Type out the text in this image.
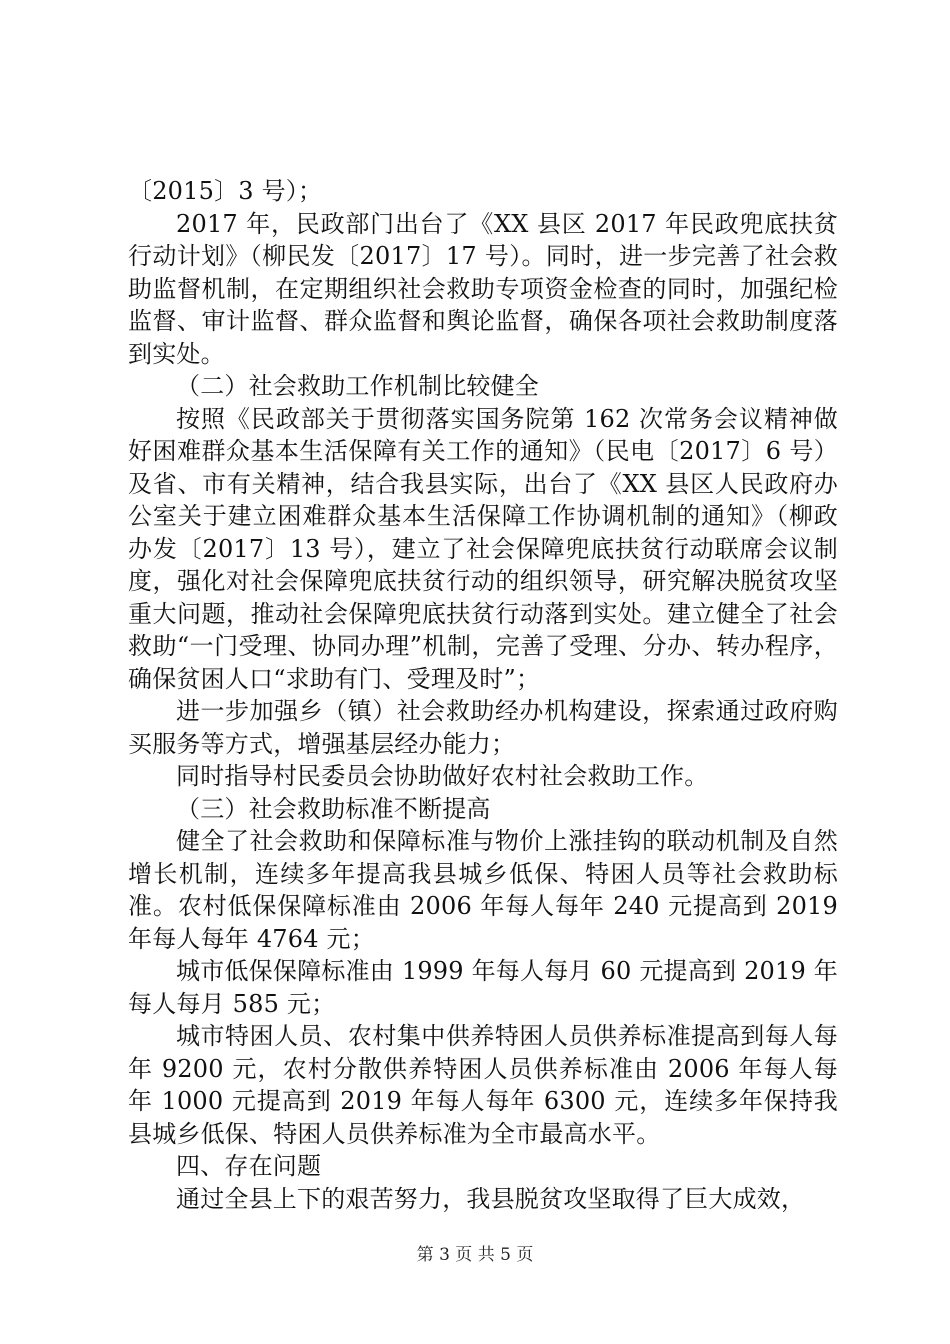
〔2015〕3 号）；

2017 年，民政部门出台了《XX 县区 2017 年民政兜底扶贫行动计划》（柳民发〔2017〕17 号）。同时，进一步完善了社会救助监督机制，在定期组织社会救助专项资金检查的同时，加强纪检监督、审计监督、群众监督和舆论监督，确保各项社会救助制度落到实处。

（二）社会救助工作机制比较健全

按照《民政部关于贯彻落实国务院第 162 次常务会议精神做好困难群众基本生活保障有关工作的通知》（民电〔2017〕6 号）及省、市有关精神，结合我县实际，出台了《XX 县区人民政府办公室关于建立困难群众基本生活保障工作协调机制的通知》（柳政办发〔2017〕13 号），建立了社会保障兜底扶贫行动联席会议制度，强化对社会保障兜底扶贫行动的组织领导，研究解决脱贫攻坚重大问题，推动社会保障兜底扶贫行动落到实处。建立健全了社会救助“一门受理、协同办理”机制，完善了受理、分办、转办程序，确保贫困人口“求助有门、受理及时”；

进一步加强乡（镇）社会救助经办机构建设，探索通过政府购买服务等方式，增强基层经办能力；

同时指导村民委员会协助做好农村社会救助工作。

（三）社会救助标准不断提高

健全了社会救助和保障标准与物价上涨挂钩的联动机制及自然增长机制，连续多年提高我县城乡低保、特困人员等社会救助标准。农村低保保障标准由 2006 年每人每年 240 元提高到 2019 年每人每年 4764 元；

城市低保保障标准由 1999 年每人每月 60 元提高到 2019 年每人每月 585 元；

城市特困人员、农村集中供养特困人员供养标准提高到每人每年 9200 元，农村分散供养特困人员供养标准由 2006 年每人每年 1000 元提高到 2019 年每人每年 6300 元，连续多年保持我县城乡低保、特困人员供养标准为全市最高水平。

四、存在问题

通过全县上下的艰苦努力，我县脱贫攻坚取得了巨大成效，

第 3 页 共 5 页
